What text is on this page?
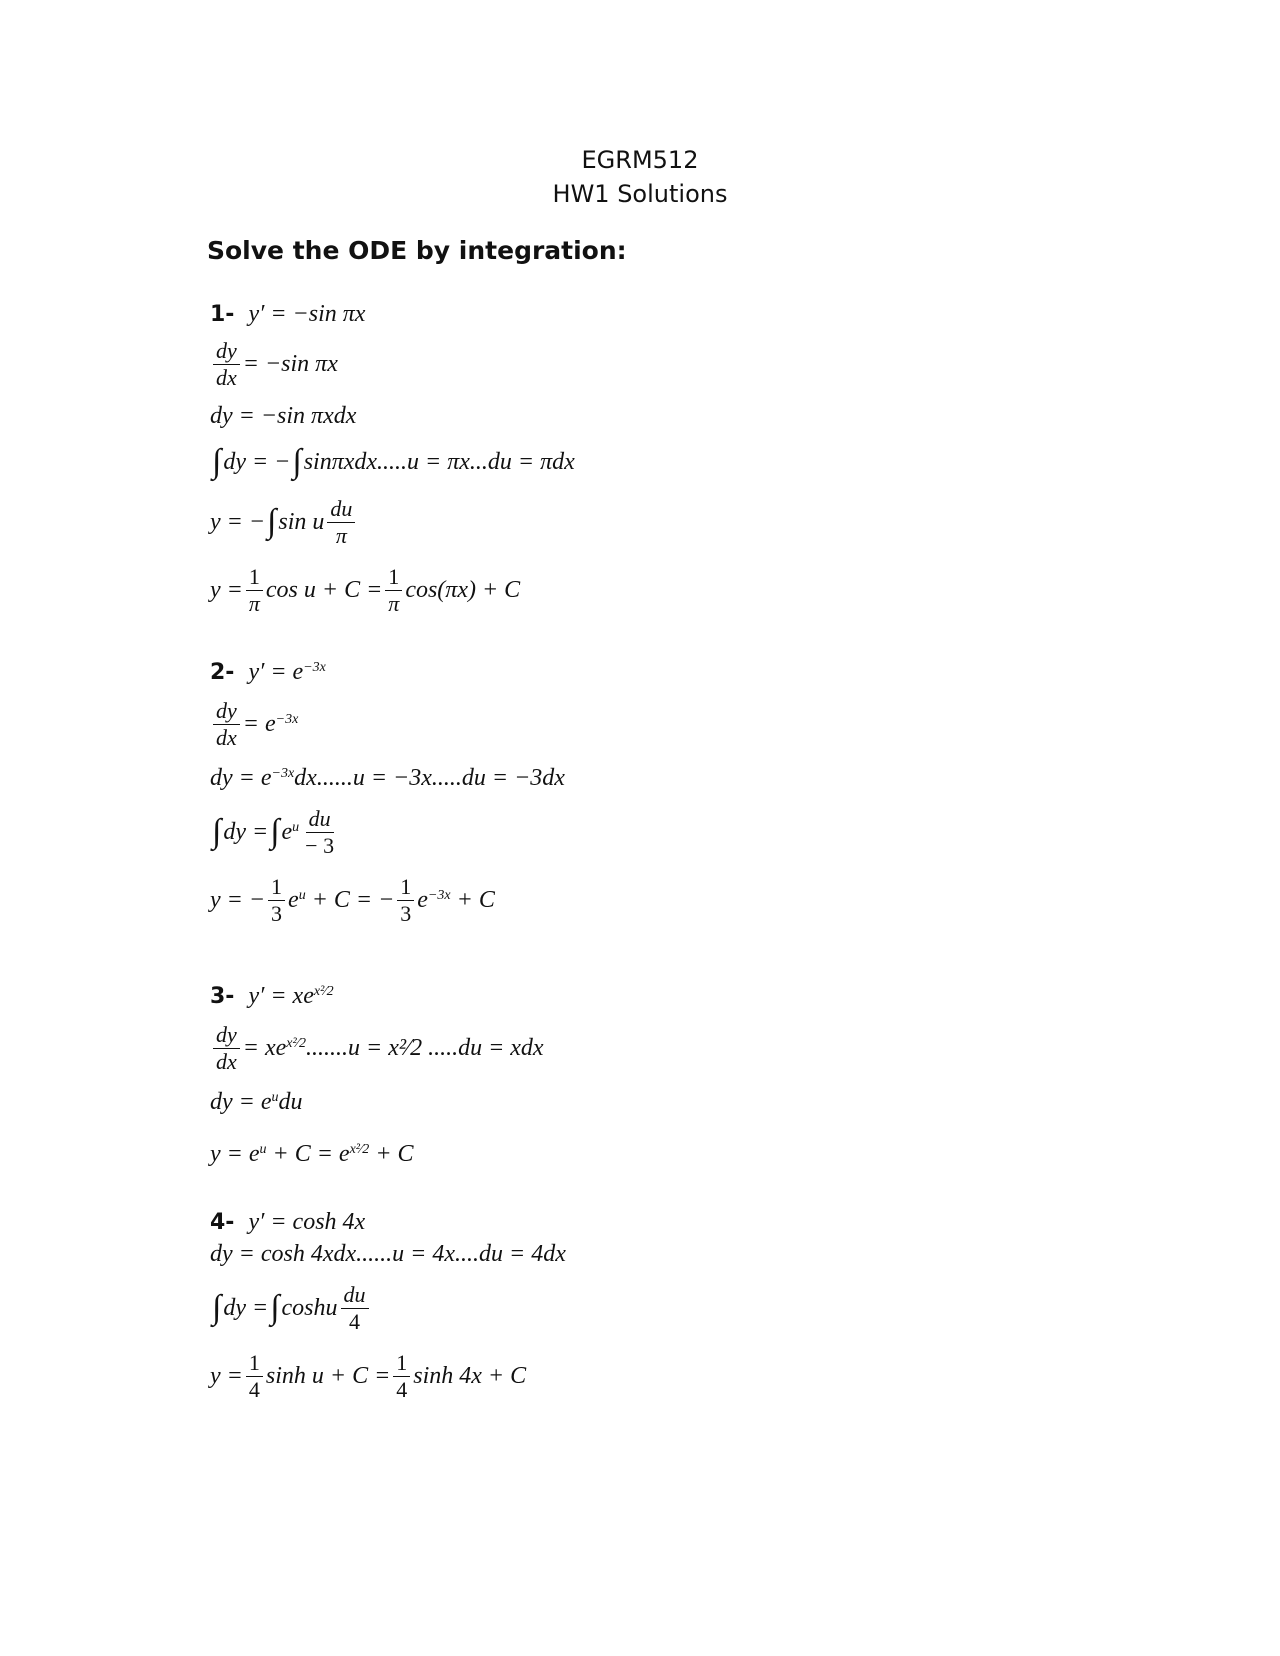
EGRM512
HW1 Solutions
Solve the ODE by integration:
1- y′ = −sin πx
$\frac{dy}{dx} = -\sin$ πx
dy = −sin πxdx
∫ dy = − ∫ sinπxdx.....u = πx...du = πdx
y = − ∫ sin u $\frac{du}{\pi}$
$y = \frac{1}{\pi}$ $\cos u + C = \frac{1}{\pi} \cos(\pi x) + C$
2- $y' = e^{-3x}$
$\frac{dy}{dx} = e^{-3x}$
dy = $e^{-3x}$ dx......u = −3x.....du = −3dx
∫ dy = ∫ $e^u \frac{du}{- 3}$
y = − $\frac{1}{3} e^u + C$ = − $\frac{1}{3} e^{-3x} + C$
3- $y' = xe^{x^2⁄2}$
$\frac{dy}{dx} = xe^{x^2⁄2}$ .......u = x²⁄2 .....du = xdx
dy = $e^u$ du
$y = e^u + C = e^{x^2⁄2} + C$
4- y′ = cosh 4x
dy = cosh 4xdx......u = 4x....du = 4dx
∫ dy = ∫ coshu $\frac{du}{4}$
$y = \frac{1}{4}$ $\sinh u + C = \frac{1}{4}$ sinh 4x + C
